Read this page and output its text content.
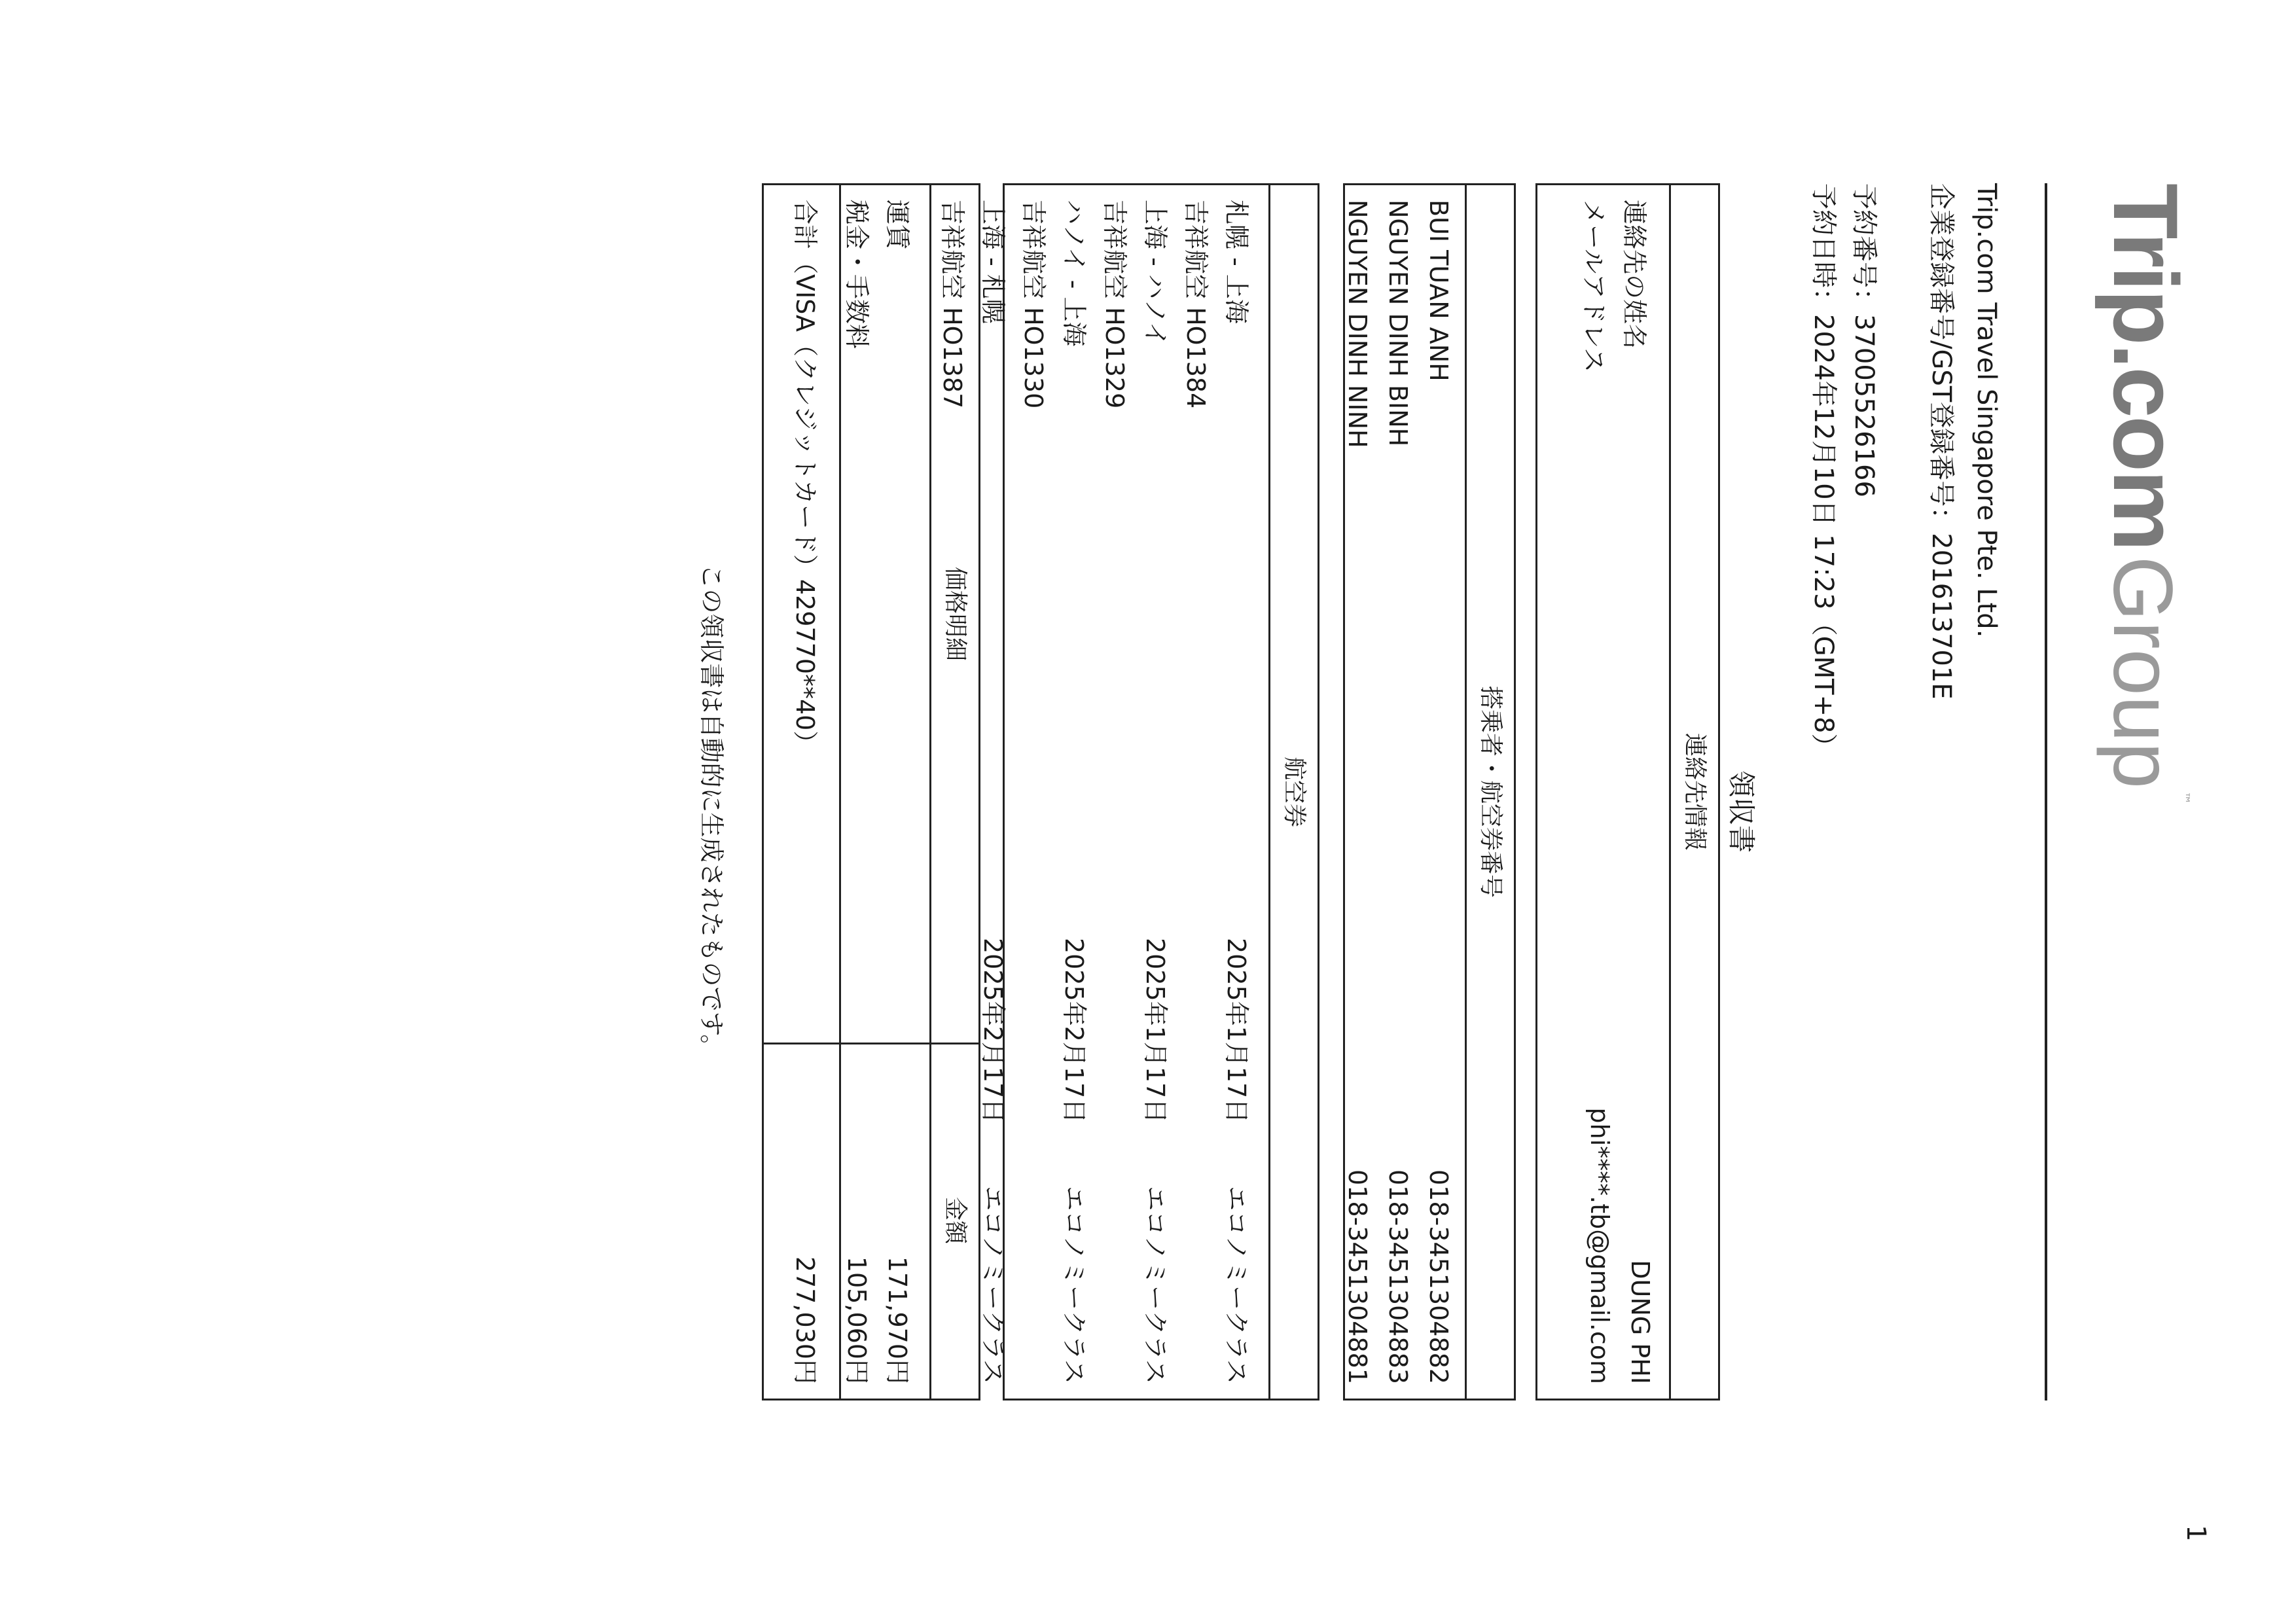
Trip.comGroup™
Trip.com Travel Singapore Pte. Ltd.
企業登録番号/GST登録番号：201613701E
予約番号：3700552616​6
予約日時：2024年12月10日 17:23（GMT+8）
領収書
連絡先情報
連絡先の姓名
DUNG PHI
メールアドレス
phi****.tb@gmail.com
搭乗者・航空券番号
BUI TUAN ANH
018-3451304882
NGUYEN DINH BINH
018-3451304883
NGUYEN DINH NINH
018-3451304881
航空券
札幌 - 上海
2025年1月17日
エコノミークラス
吉祥航空 HO1384
上海 - ハノイ
2025年1月17日
エコノミークラス
吉祥航空 HO1329
ハノイ - 上海
2025年2月17日
エコノミークラス
吉祥航空 HO1330
上海 - 札幌
2025年2月17日
エコノミークラス
吉祥航空 HO1387
価格明細
金額
運賃
171,970円
税金・手数料
105,060円
合計（VISA（クレジットカード）429770**40）
277,030円
この領収書は自動的に生成されたものです。
1
